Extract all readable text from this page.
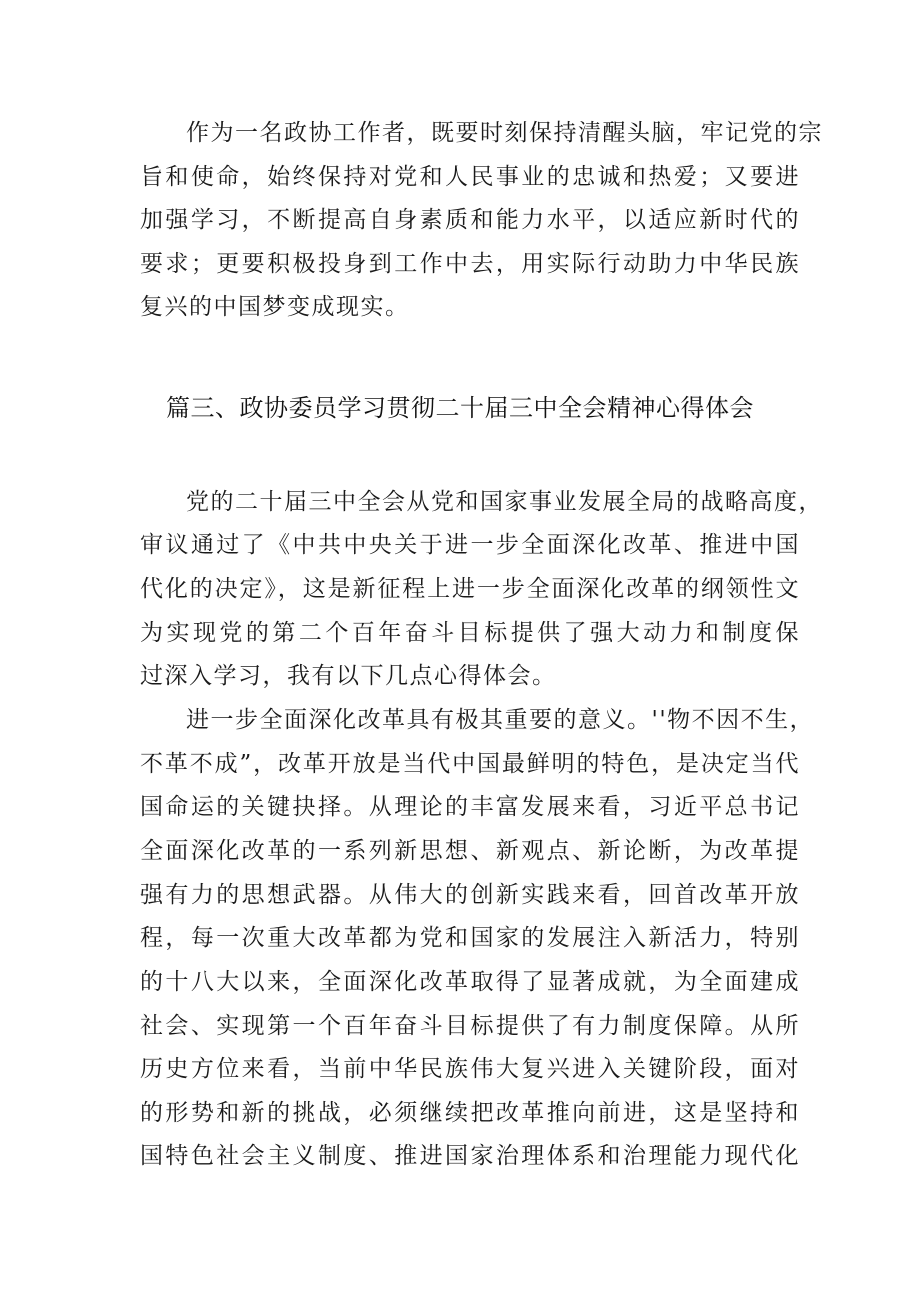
作为一名政协工作者，既要时刻保持清醒头脑，牢记党的宗
旨和使命，始终保持对党和人民事业的忠诚和热爱；又要进
加强学习，不断提高自身素质和能力水平，以适应新时代的
要求；更要积极投身到工作中去，用实际行动助力中华民族
复兴的中国梦变成现实。
篇三、政协委员学习贯彻二十届三中全会精神心得体会
党的二十届三中全会从党和国家事业发展全局的战略高度，
审议通过了《中共中央关于进一步全面深化改革、推进中国
代化的决定》，这是新征程上进一步全面深化改革的纲领性文
为实现党的第二个百年奋斗目标提供了强大动力和制度保
过深入学习，我有以下几点心得体会。
进一步全面深化改革具有极其重要的意义。''物不因不生，
不革不成”，改革开放是当代中国最鲜明的特色，是决定当代
国命运的关键抉择。从理论的丰富发展来看，习近平总书记
全面深化改革的一系列新思想、新观点、新论断，为改革提
强有力的思想武器。从伟大的创新实践来看，回首改革开放
程，每一次重大改革都为党和国家的发展注入新活力，特别
的十八大以来，全面深化改革取得了显著成就，为全面建成
社会、实现第一个百年奋斗目标提供了有力制度保障。从所
历史方位来看，当前中华民族伟大复兴进入关键阶段，面对
的形势和新的挑战，必须继续把改革推向前进，这是坚持和
国特色社会主义制度、推进国家治理体系和治理能力现代化
